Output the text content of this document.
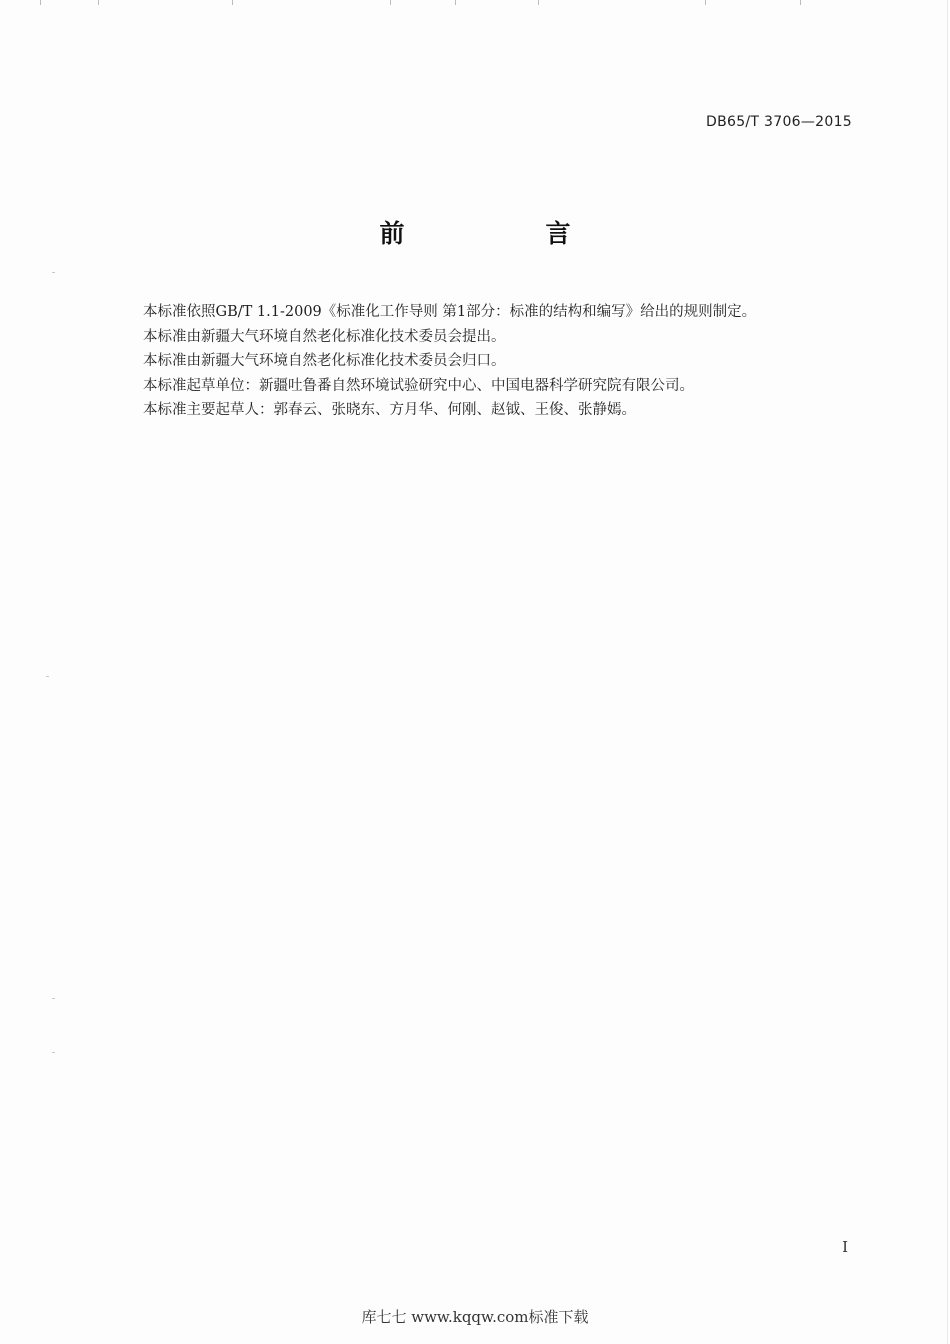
DB65/T 3706—2015
前　言

本标准依照GB/T 1.1-2009《标准化工作导则 第1部分：标准的结构和编写》给出的规则制定。

本标准由新疆大气环境自然老化标准化技术委员会提出。

本标准由新疆大气环境自然老化标准化技术委员会归口。

本标准起草单位：新疆吐鲁番自然环境试验研究中心、中国电器科学研究院有限公司。

本标准主要起草人：郭春云、张晓东、方月华、何刚、赵钺、王俊、张静嫣。

I
库七七 www.kqqw.com标准下载
